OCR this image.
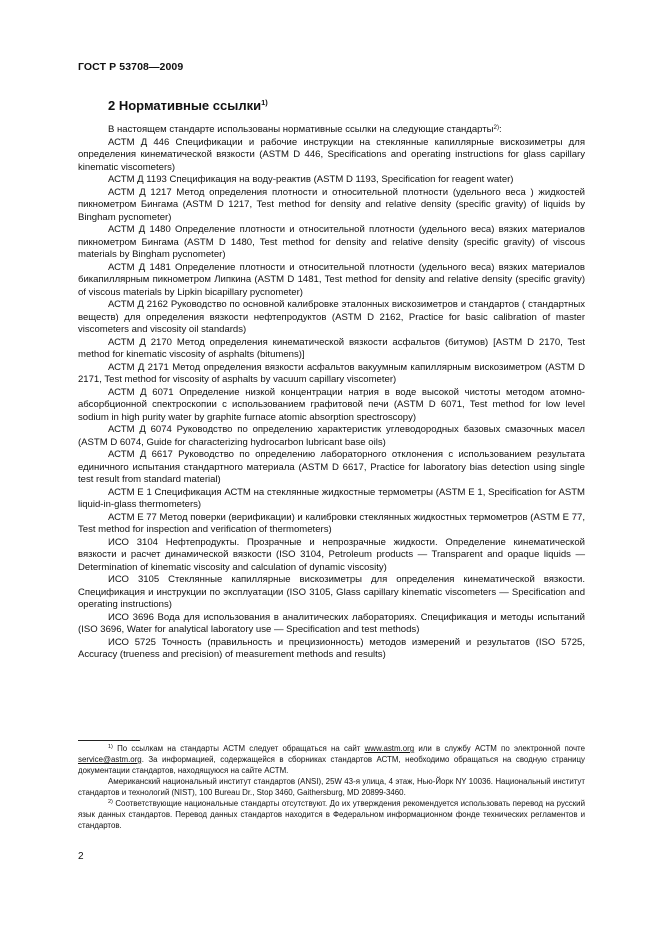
ГОСТ Р 53708—2009
2 Нормативные ссылки$^{1)}$

В настоящем стандарте использованы нормативные ссылки на следующие стандарты$^{2)}$:

АСТМ Д 446 Спецификации и рабочие инструкции на стеклянные капиллярные вискозиметры для определения кинематической вязкости (ASTM D 446, Specifications and operating instructions for glass capillary kinematic viscometers)

АСТМ Д 1193 Спецификация на воду-реактив (ASTM D 1193, Specification for reagent water)

АСТМ Д 1217 Метод определения плотности и относительной плотности (удельного веса ) жидкостей пикнометром Бингама (ASTM D 1217, Test method for density and relative density (specific gravity) of liquids by Bingham pycnometer)

АСТМ Д 1480 Определение плотности и относительной плотности (удельного веса) вязких материалов пикнометром Бингама (ASTM D 1480, Test method for density and relative density (specific gravity) of viscous materials by Bingham pycnometer)

АСТМ Д 1481 Определение плотности и относительной плотности (удельного веса) вязких материалов бикапиллярным пикнометром Липкина (ASTM D 1481, Test method for density and relative density (specific gravity) of viscous materials by Lipkin bicapillary pycnometer)

АСТМ Д 2162 Руководство по основной калибровке эталонных вискозиметров и стандартов ( стандартных веществ) для определения вязкости нефтепродуктов (ASTM D 2162, Practice for basic calibration of master viscometers and viscosity oil standards)

АСТМ Д 2170 Метод определения кинематической вязкости асфальтов (битумов) [ASTM D 2170, Test method for kinematic viscosity of asphalts (bitumens)]

АСТМ Д 2171 Метод определения вязкости асфальтов вакуумным капиллярным вискозиметром (ASTM D 2171, Test method for viscosity of asphalts by vacuum capillary viscometer)

АСТМ Д 6071 Определение низкой концентрации натрия в воде высокой чистоты методом атомно-абсорбционной спектроскопии с использованием графитовой печи (ASTM D 6071, Test method for low level sodium in high purity water by graphite furnace atomic absorption spectroscopy)

АСТМ Д 6074 Руководство по определению характеристик углеводородных базовых смазочных масел (ASTM D 6074, Guide for characterizing hydrocarbon lubricant base oils)

АСТМ Д 6617 Руководство по определению лабораторного отклонения с использованием результата единичного испытания стандартного материала (ASTM D 6617, Practice for laboratory bias detection using single test result from standard material)

АСТМ Е 1 Спецификация АСТМ на стеклянные жидкостные термометры (ASTM E 1, Specification for ASTM liquid-in-glass thermometers)

АСТМ Е 77 Метод поверки (верификации) и калибровки стеклянных жидкостных термометров (ASTM E 77, Test method for inspection and verification of thermometers)

ИСО 3104 Нефтепродукты. Прозрачные и непрозрачные жидкости. Определение кинематической вязкости и расчет динамической вязкости (ISO 3104, Petroleum products — Transparent and opaque liquids — Determination of kinematic viscosity and calculation of dynamic viscosity)

ИСО 3105 Стеклянные капиллярные вискозиметры для определения кинематической вязкости. Спецификация и инструкции по эксплуатации (ISO 3105, Glass capillary kinematic viscometers — Specification and operating instructions)

ИСО 3696 Вода для использования в аналитических лабораториях. Спецификация и методы испытаний (ISO 3696, Water for analytical laboratory use — Specification and test methods)

ИСО 5725 Точность (правильность и прецизионность) методов измерений и результатов (ISO 5725, Accuracy (trueness and precision) of measurement methods and results)

$^{1)}$ По ссылкам на стандарты АСТМ следует обращаться на сайт www.astm.org или в службу АСТМ по электронной почте service@astm.org. За информацией, содержащейся в сборниках стандартов АСТМ, необходимо обращаться на сводную страницу документации стандартов, находящуюся на сайте АСТМ.

Американский национальный институт стандартов (ANSI), 25W 43-я улица, 4 этаж, Нью-Йорк NY 10036. Национальный институт стандартов и технологий (NIST), 100 Bureau Dr., Stop 3460, Gaithersburg, MD 20899-3460.

$^{2)}$ Соответствующие национальные стандарты отсутствуют. До их утверждения рекомендуется использовать перевод на русский язык данных стандартов. Перевод данных стандартов находится в Федеральном информационном фонде технических регламентов и стандартов.

2
